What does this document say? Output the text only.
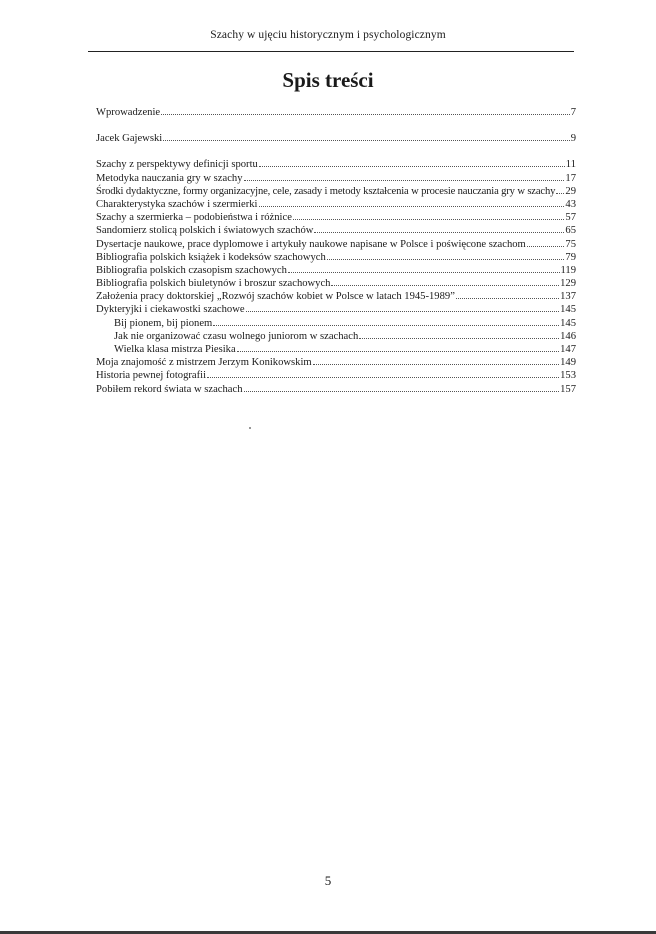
Szachy w ujęciu historycznym i psychologicznym
Spis treści
Wprowadzenie	7
Jacek Gajewski	9
Szachy z perspektywy definicji sportu	11
Metodyka nauczania gry w szachy	17
Środki dydaktyczne, formy organizacyjne, cele, zasady i metody kształcenia w procesie nauczania gry w szachy 29
Charakterystyka szachów i szermierki	43
Szachy a szermierka – podobieństwa i różnice	57
Sandomierz stolicą polskich i światowych szachów	65
Dysertacje naukowe, prace dyplomowe i artykuły naukowe napisane w Polsce i poświęcone szachom	75
Bibliografia polskich książek i kodeksów szachowych	79
Bibliografia polskich czasopism szachowych	119
Bibliografia polskich biuletynów i broszur szachowych	129
Założenia pracy doktorskiej „Rozwój szachów kobiet w Polsce w latach 1945-1989”	137
Dykteryjki i ciekawostki szachowe	145
Bij pionem, bij pionem	145
Jak nie organizować czasu wolnego juniorom w szachach	146
Wielka klasa mistrza Piesika	147
Moja znajomość z mistrzem Jerzym Konikowskim	149
Historia pewnej fotografii	153
Pobiłem rekord świata w szachach	157
5
